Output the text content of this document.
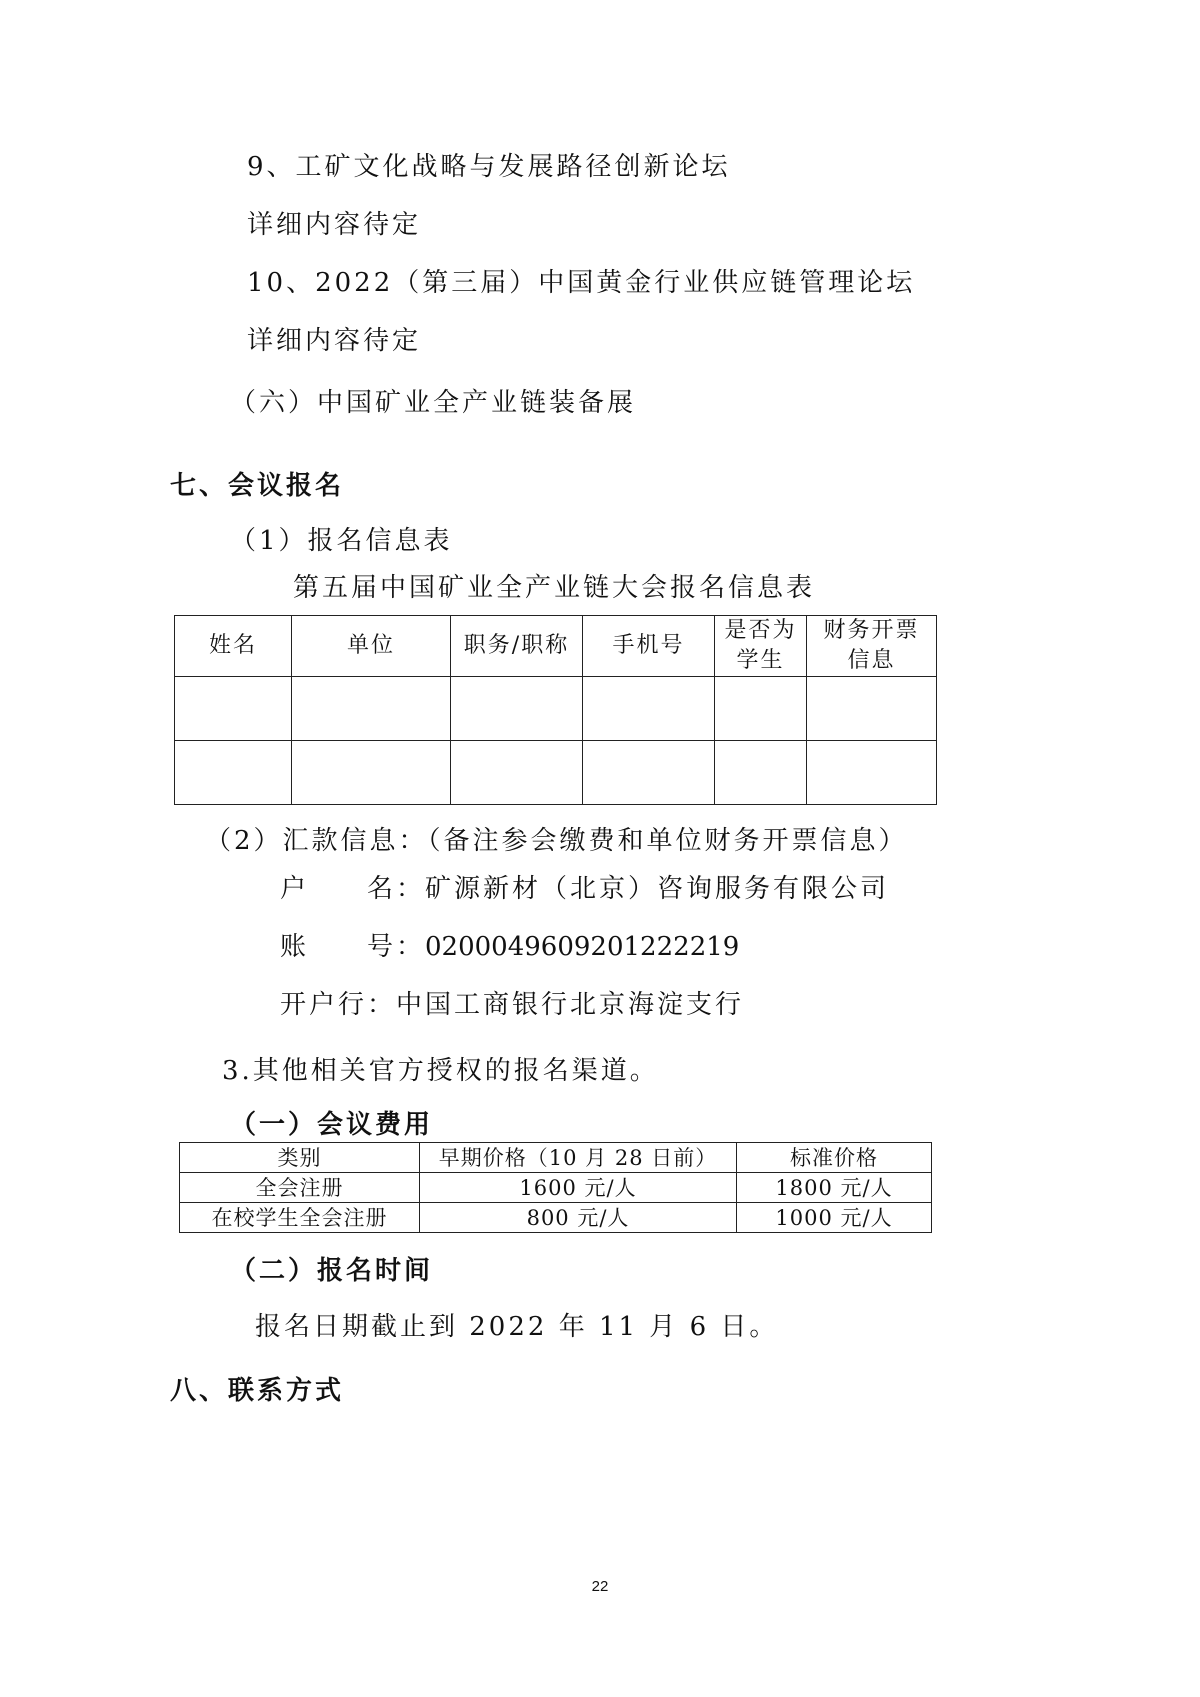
9、工矿文化战略与发展路径创新论坛
详细内容待定
10、2022（第三届）中国黄金行业供应链管理论坛
详细内容待定
（六）中国矿业全产业链装备展
七、会议报名
（1）报名信息表
第五届中国矿业全产业链大会报名信息表
姓名	单位	职务/职称	手机号	是否为学生	财务开票信息

（2）汇款信息：（备注参会缴费和单位财务开票信息）
户　　名：矿源新材（北京）咨询服务有限公司
账　　号：0200049609201222219
开户行：中国工商银行北京海淀支行
3.其他相关官方授权的报名渠道。
（一）会议费用
类别	早期价格（10 月 28 日前）	标准价格
全会注册	1600 元/人	1800 元/人
在校学生全会注册	800 元/人	1000 元/人
（二）报名时间
报名日期截止到 2022 年 11 月 6 日。
八、联系方式
22
